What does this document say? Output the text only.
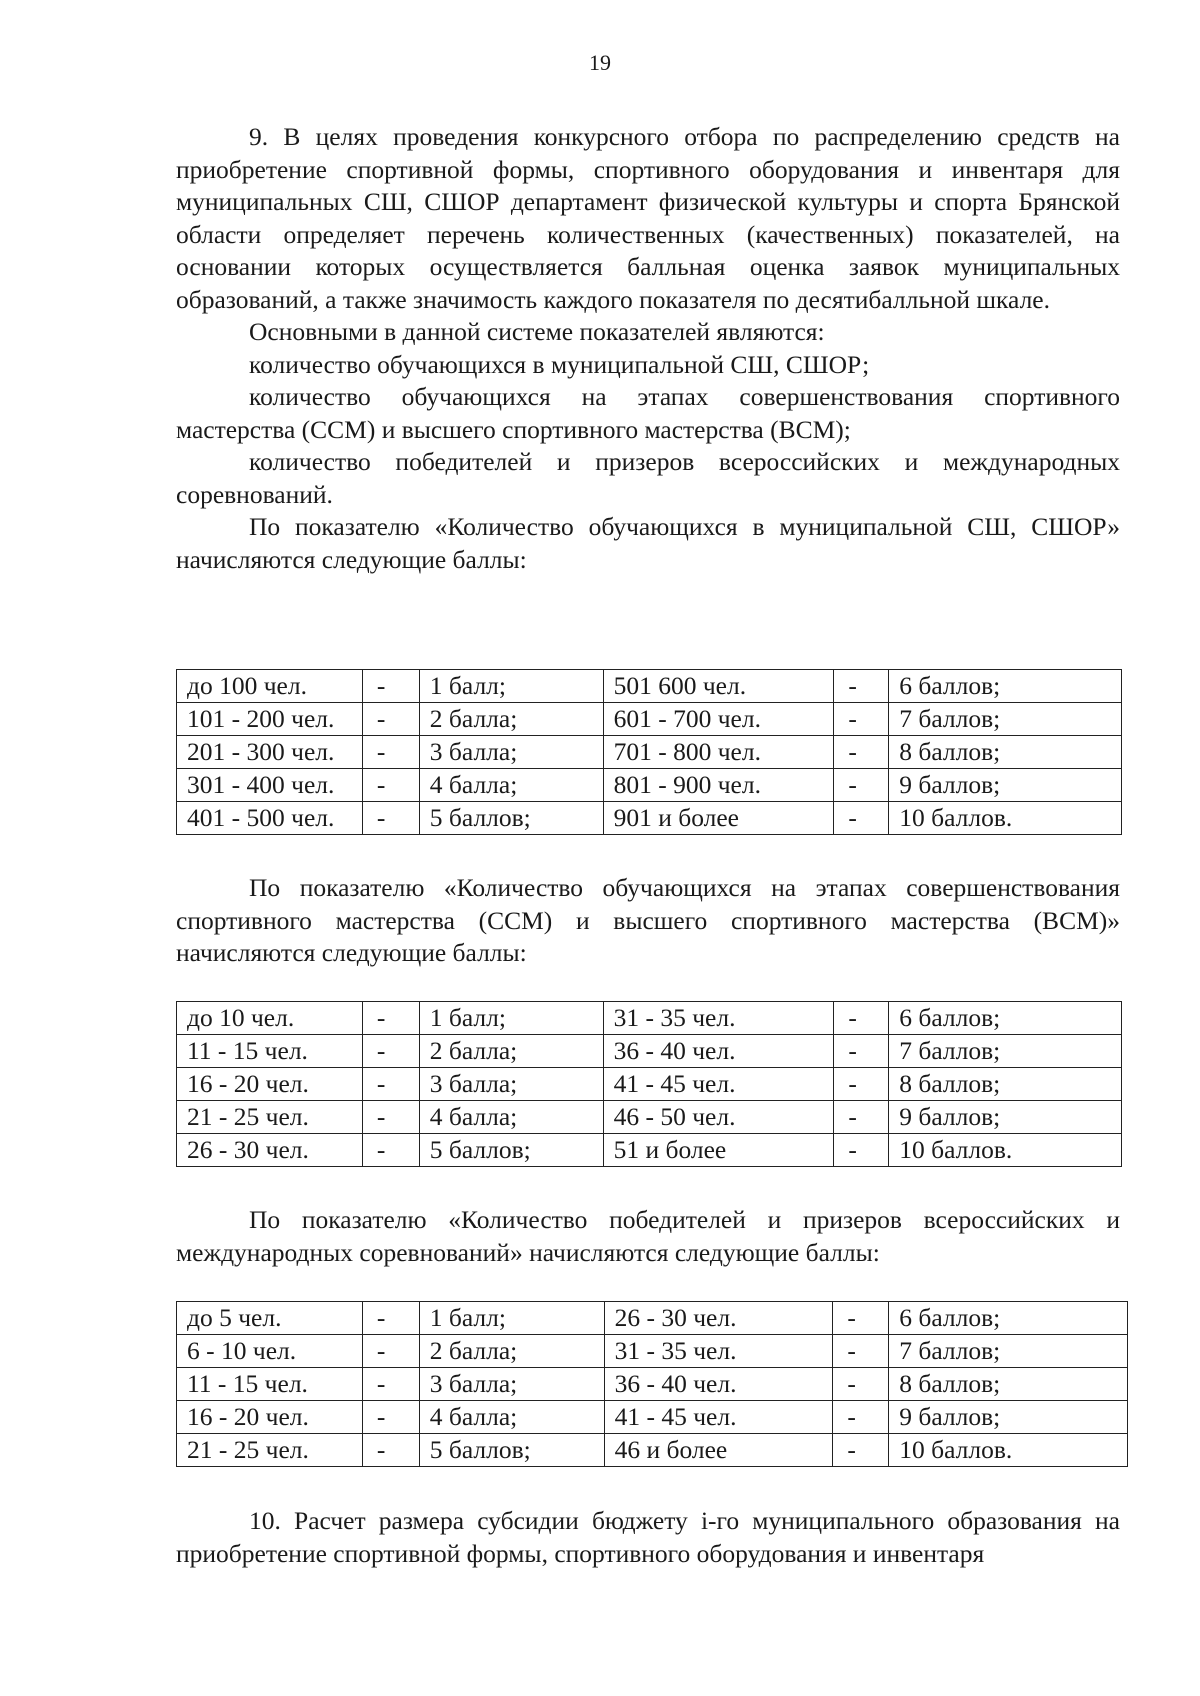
19

9. В целях проведения конкурсного отбора по распределению средств на приобретение спортивной формы, спортивного оборудования и инвентаря для муниципальных СШ, СШОР департамент физической культуры и спорта Брянской области определяет перечень количественных (качественных) показателей, на основании которых осуществляется балльная оценка заявок муниципальных образований, а также значимость каждого показателя по десятибалльной шкале.

Основными в данной системе показателей являются:

количество обучающихся в муниципальной СШ, СШОР;

количество обучающихся на этапах совершенствования спортивного мастерства (ССМ) и высшего спортивного мастерства (ВСМ);

количество победителей и призеров всероссийских и международных соревнований.

По показателю «Количество обучающихся в муниципальной СШ, СШОР» начисляются следующие баллы:

до 100 чел.	-	1 балл;	501 600 чел.	-	6 баллов;
101 - 200 чел.	-	2 балла;	601 - 700 чел.	-	7 баллов;
201 - 300 чел.	-	3 балла;	701 - 800 чел.	-	8 баллов;
301 - 400 чел.	-	4 балла;	801 - 900 чел.	-	9 баллов;
401 - 500 чел.	-	5 баллов;	901 и более	-	10 баллов.

По показателю «Количество обучающихся на этапах совершенствования спортивного мастерства (ССМ) и высшего спортивного мастерства (ВСМ)» начисляются следующие баллы:

до 10 чел.	-	1 балл;	31 - 35 чел.	-	6 баллов;
11 - 15 чел.	-	2 балла;	36 - 40 чел.	-	7 баллов;
16 - 20 чел.	-	3 балла;	41 - 45 чел.	-	8 баллов;
21 - 25 чел.	-	4 балла;	46 - 50 чел.	-	9 баллов;
26 - 30 чел.	-	5 баллов;	51 и более	-	10 баллов.

По показателю «Количество победителей и призеров всероссийских и международных соревнований» начисляются следующие баллы:

до 5 чел.	-	1 балл;	26 - 30 чел.	-	6 баллов;
6 - 10 чел.	-	2 балла;	31 - 35 чел.	-	7 баллов;
11 - 15 чел.	-	3 балла;	36 - 40 чел.	-	8 баллов;
16 - 20 чел.	-	4 балла;	41 - 45 чел.	-	9 баллов;
21 - 25 чел.	-	5 баллов;	46 и более	-	10 баллов.

10. Расчет размера субсидии бюджету i-го муниципального образования на приобретение спортивной формы, спортивного оборудования и инвентаря
